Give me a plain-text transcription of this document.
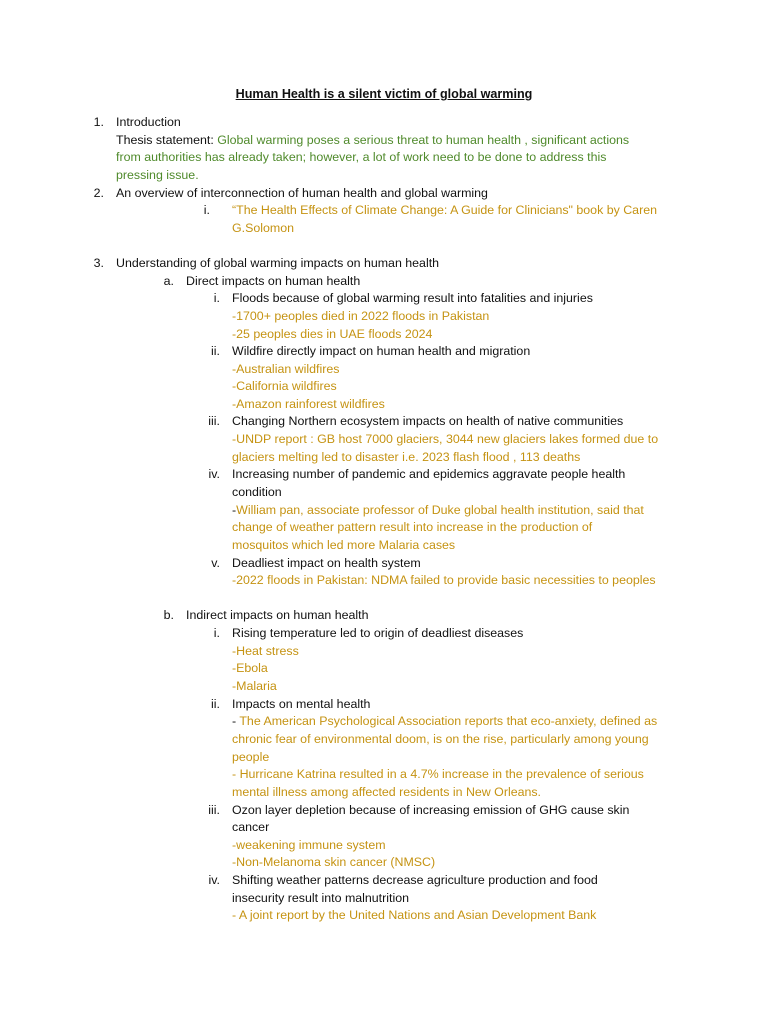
Human Health is a silent victim of global warming
1. Introduction
Thesis statement: Global warming poses a serious threat to human health , significant actions
from authorities has already taken; however, a lot of work need to be done to address this
pressing issue.
2. An overview of interconnection of human health and global warming
i. “The Health Effects of Climate Change: A Guide for Clinicians" book by Caren
G.Solomon
3. Understanding of global warming impacts on human health
a. Direct impacts on human health
i. Floods because of global warming result into fatalities and injuries
-1700+ peoples died in 2022 floods in Pakistan
-25 peoples dies in UAE floods 2024
ii. Wildfire directly impact on human health and migration
-Australian wildfires
-California wildfires
-Amazon rainforest wildfires
iii. Changing Northern ecosystem impacts on health of native communities
-UNDP report : GB host 7000 glaciers, 3044 new glaciers lakes formed due to
glaciers melting led to disaster i.e. 2023 flash flood , 113 deaths
iv. Increasing number of pandemic and epidemics aggravate people health
condition
-William pan, associate professor of Duke global health institution, said that
change of weather pattern result into increase in the production of
mosquitos which led more Malaria cases
v. Deadliest impact on health system
-2022 floods in Pakistan: NDMA failed to provide basic necessities to peoples
b. Indirect impacts on human health
i. Rising temperature led to origin of deadliest diseases
-Heat stress
-Ebola
-Malaria
ii. Impacts on mental health
- The American Psychological Association reports that eco-anxiety, defined as
chronic fear of environmental doom, is on the rise, particularly among young
people
- Hurricane Katrina resulted in a 4.7% increase in the prevalence of serious
mental illness among affected residents in New Orleans.
iii. Ozon layer depletion because of increasing emission of GHG cause skin
cancer
-weakening immune system
-Non-Melanoma skin cancer (NMSC)
iv. Shifting weather patterns decrease agriculture production and food
insecurity result into malnutrition
- A joint report by the United Nations and Asian Development Bank
